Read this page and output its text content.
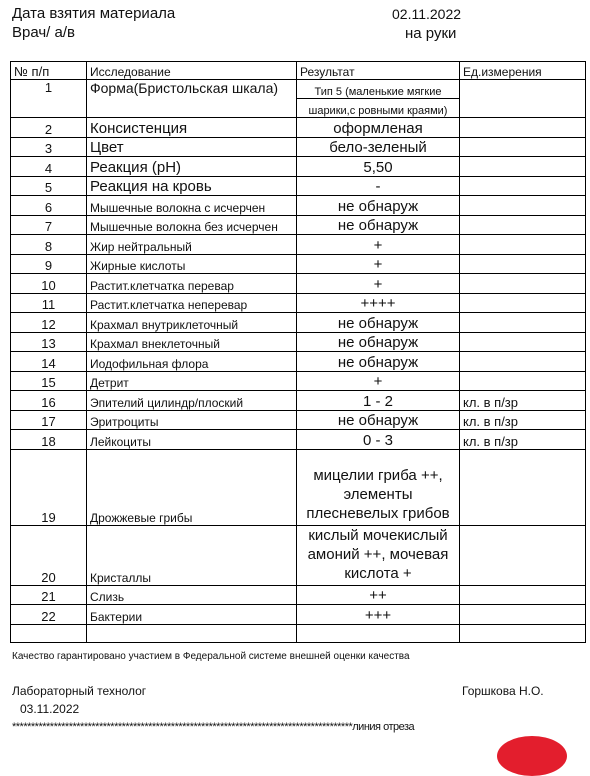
Дата взятия материала	02.11.2022
Врач/ а/в	на руки
№ п/п	Исследование	Результат	Ед.измерения
1	Форма(Бристольская шкала)	Тип 5 (маленькие мягкие	
		шарики,с ровными краями)	
2	Консистенция	оформленая	
3	Цвет	бело-зеленый	
4	Реакция (рН)	5,50	
5	Реакция на кровь	-	
6	Мышечные волокна с исчерчен	не обнаруж	
7	Мышечные волокна без исчерчен	не обнаруж	
8	Жир нейтральный	+	
9	Жирные кислоты	+	
10	Растит.клетчатка перевар	+	
11	Растит.клетчатка неперевар	++++	
12	Крахмал внутриклеточный	не обнаруж	
13	Крахмал внеклеточный	не обнаруж	
14	Иодофильная флора	не обнаруж	
15	Детрит	+	
16	Эпителий цилиндр/плоский	1 - 2	кл. в п/зр
17	Эритроциты	не обнаруж	кл. в п/зр
18	Лейкоциты	0 - 3	кл. в п/зр
19	Дрожжевые грибы	мицелии гриба ++,
элементы
плесневелых грибов	

20	Кристаллы	кислый мочекислый
амоний ++, мочевая
кислота +	

21	Слизь	++	
22	Бактерии	+++	

Качество гарантировано участием в Федеральной системе внешней оценки качества
Лабораторный технолог	Горшкова Н.О.
03.11.2022
******************************************************************************************линия отреза
